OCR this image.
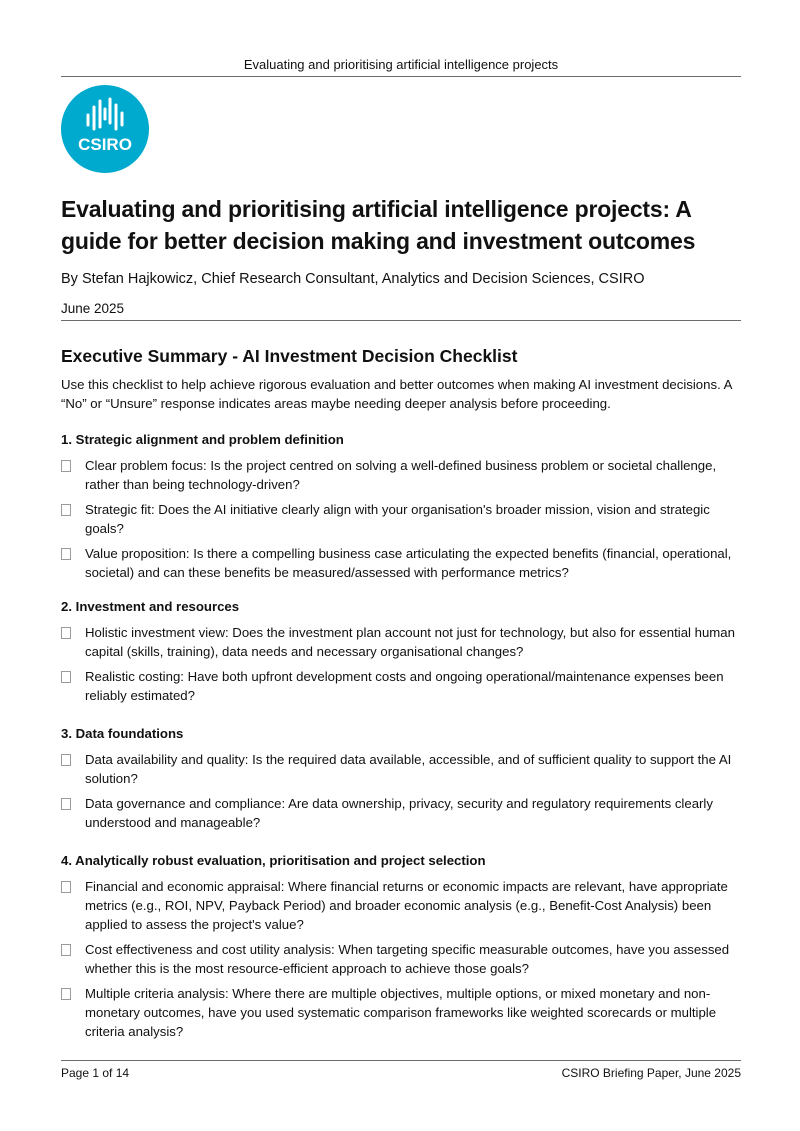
Evaluating and prioritising artificial intelligence projects
CSIRO
Evaluating and prioritising artificial intelligence projects: A guide for better decision making and investment outcomes
By Stefan Hajkowicz, Chief Research Consultant, Analytics and Decision Sciences, CSIRO
June 2025
Executive Summary - AI Investment Decision Checklist

Use this checklist to help achieve rigorous evaluation and better outcomes when making AI investment decisions. A “No” or “Unsure” response indicates areas maybe needing deeper analysis before proceeding.

1. Strategic alignment and problem definition
Clear problem focus: Is the project centred on solving a well-defined business problem or societal challenge, rather than being technology-driven?
Strategic fit: Does the AI initiative clearly align with your organisation's broader mission, vision and strategic goals?
Value proposition: Is there a compelling business case articulating the expected benefits (financial, operational, societal) and can these benefits be measured/assessed with performance metrics?
2. Investment and resources
Holistic investment view: Does the investment plan account not just for technology, but also for essential human capital (skills, training), data needs and necessary organisational changes?
Realistic costing: Have both upfront development costs and ongoing operational/maintenance expenses been reliably estimated?
3. Data foundations
Data availability and quality: Is the required data available, accessible, and of sufficient quality to support the AI solution?
Data governance and compliance: Are data ownership, privacy, security and regulatory requirements clearly understood and manageable?
4. Analytically robust evaluation, prioritisation and project selection
Financial and economic appraisal: Where financial returns or economic impacts are relevant, have appropriate metrics (e.g., ROI, NPV, Payback Period) and broader economic analysis (e.g., Benefit-Cost Analysis) been applied to assess the project's value?
Cost effectiveness and cost utility analysis: When targeting specific measurable outcomes, have you assessed whether this is the most resource-efficient approach to achieve those goals?
Multiple criteria analysis: Where there are multiple objectives, multiple options, or mixed monetary and non-monetary outcomes, have you used systematic comparison frameworks like weighted scorecards or multiple criteria analysis?
Page 1 of 14	CSIRO Briefing Paper, June 2025
